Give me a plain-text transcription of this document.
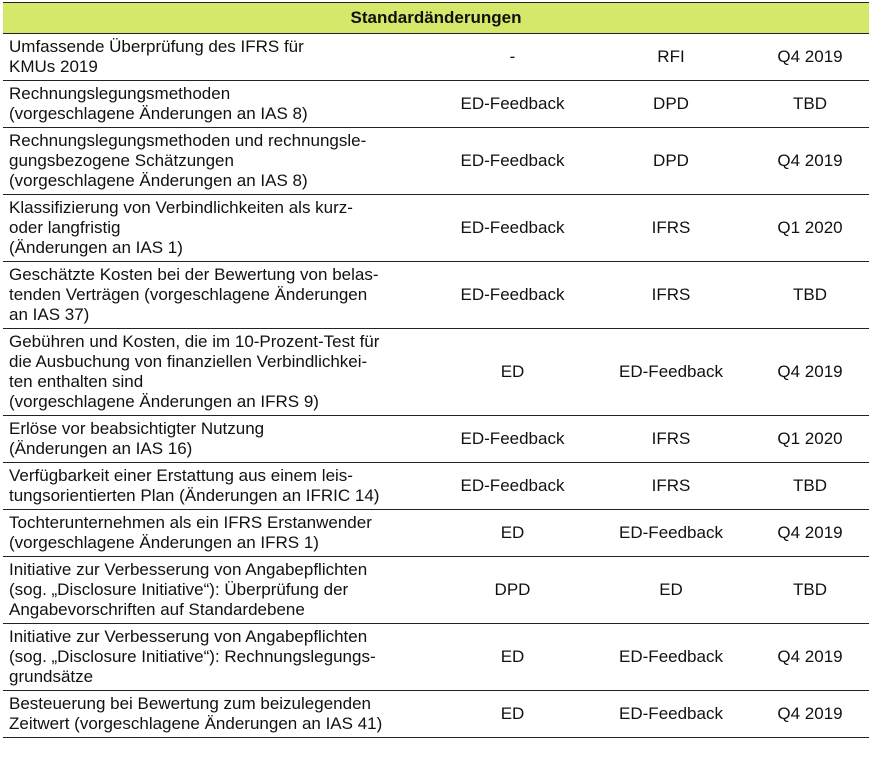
Standardänderungen			
Umfassende Überprüfung des IFRS für
KMUs 2019	-	RFI	Q4 2019
Rechnungslegungsmethoden
(vorgeschlagene Änderungen an IAS 8)	ED-Feedback	DPD	TBD
Rechnungslegungsmethoden und rechnungsle-
gungsbezogene Schätzungen
(vorgeschlagene Änderungen an IAS 8)	ED-Feedback	DPD	Q4 2019
Klassifizierung von Verbindlichkeiten als kurz-
oder langfristig
(Änderungen an IAS 1)	ED-Feedback	IFRS	Q1 2020
Geschätzte Kosten bei der Bewertung von belas-
tenden Verträgen (vorgeschlagene Änderungen
an IAS 37)	ED-Feedback	IFRS	TBD
Gebühren und Kosten, die im 10-Prozent-Test für
die Ausbuchung von finanziellen Verbindlichkei-
ten enthalten sind
(vorgeschlagene Änderungen an IFRS 9)	ED	ED-Feedback	Q4 2019
Erlöse vor beabsichtigter Nutzung
(Änderungen an IAS 16)	ED-Feedback	IFRS	Q1 2020
Verfügbarkeit einer Erstattung aus einem leis-
tungsorientierten Plan (Änderungen an IFRIC 14)	ED-Feedback	IFRS	TBD
Tochterunternehmen als ein IFRS Erstanwender
(vorgeschlagene Änderungen an IFRS 1)	ED	ED-Feedback	Q4 2019
Initiative zur Verbesserung von Angabepflichten
(sog. „Disclosure Initiative“): Überprüfung der
Angabevorschriften auf Standardebene	DPD	ED	TBD
Initiative zur Verbesserung von Angabepflichten
(sog. „Disclosure Initiative“): Rechnungslegungs-
grundsätze	ED	ED-Feedback	Q4 2019
Besteuerung bei Bewertung zum beizulegenden
Zeitwert (vorgeschlagene Änderungen an IAS 41)	ED	ED-Feedback	Q4 2019
